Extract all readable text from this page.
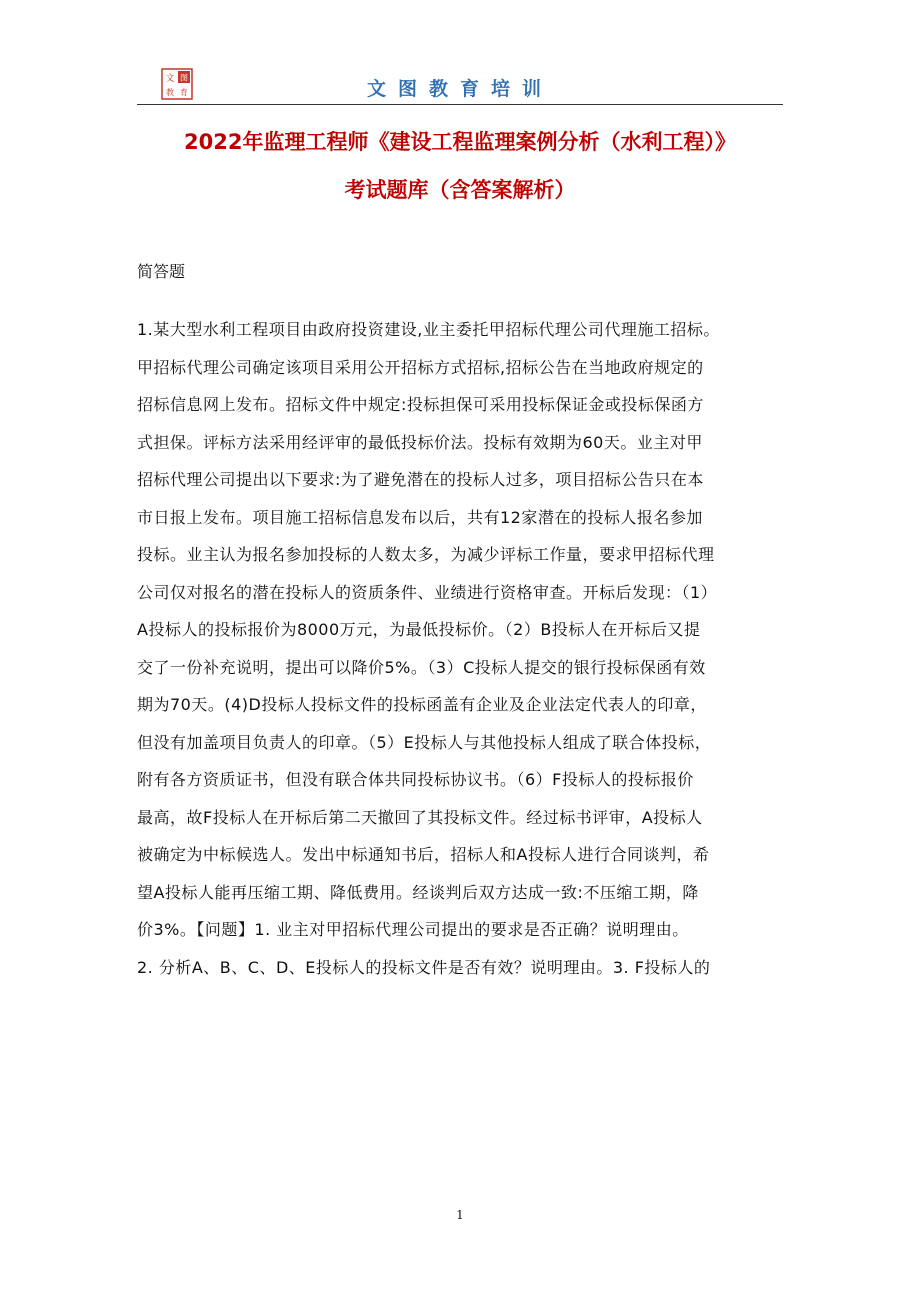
图
文
教 育	文图教育培训
2022年监理工程师《建设工程监理案例分析（水利工程）》
考试题库（含答案解析）
简答题
1.某大型水利工程项目由政府投资建设,业主委托甲招标代理公司代理施工招标。
甲招标代理公司确定该项目采用公开招标方式招标,招标公告在当地政府规定的
招标信息网上发布。招标文件中规定:投标担保可采用投标保证金或投标保函方
式担保。评标方法采用经评审的最低投标价法。投标有效期为60天。业主对甲
招标代理公司提出以下要求:为了避免潜在的投标人过多，项目招标公告只在本
市日报上发布。项目施工招标信息发布以后，共有12家潜在的投标人报名参加
投标。业主认为报名参加投标的人数太多，为减少评标工作量，要求甲招标代理
公司仅对报名的潜在投标人的资质条件、业绩进行资格审查。开标后发现：（1）
A投标人的投标报价为8000万元，为最低投标价。（2）B投标人在开标后又提
交了一份补充说明，提出可以降价5%。（3）C投标人提交的银行投标保函有效
期为70天。(4)D投标人投标文件的投标函盖有企业及企业法定代表人的印章，
但没有加盖项目负责人的印章。（5）E投标人与其他投标人组成了联合体投标，
附有各方资质证书，但没有联合体共同投标协议书。（6）F投标人的投标报价
最高，故F投标人在开标后第二天撤回了其投标文件。经过标书评审，A投标人
被确定为中标候选人。发出中标通知书后，招标人和A投标人进行合同谈判，希
望A投标人能再压缩工期、降低费用。经谈判后双方达成一致:不压缩工期，降
价3%。【问题】1. 业主对甲招标代理公司提出的要求是否正确？说明理由。
2. 分析A、B、C、D、E投标人的投标文件是否有效？说明理由。3. F投标人的
1
